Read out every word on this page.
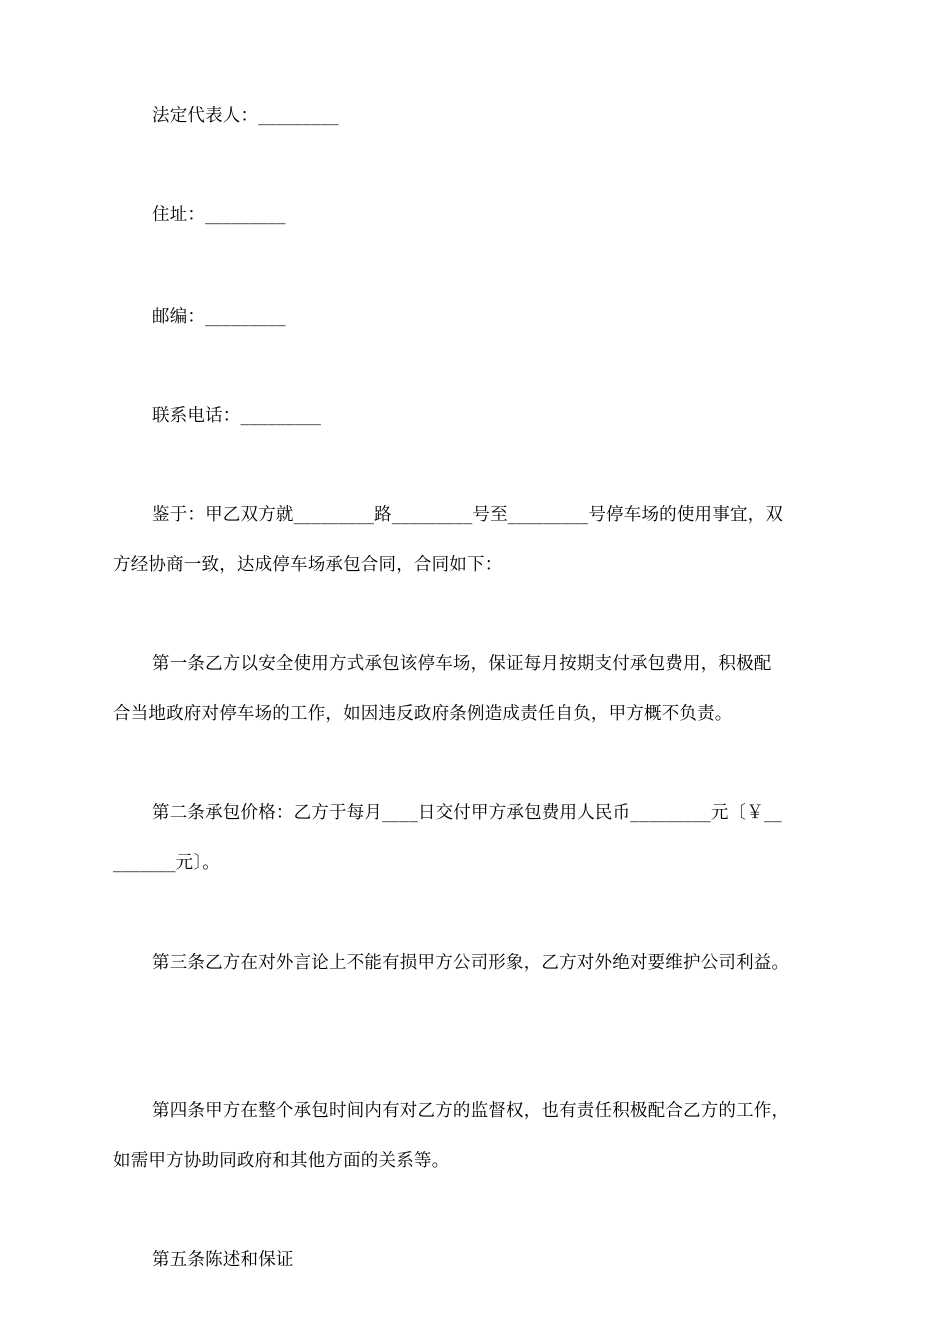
法定代表人：_________
住址：_________
邮编：_________
联系电话：_________
鉴于：甲乙双方就_________路_________号至_________号停车场的使用事宜，双
方经协商一致，达成停车场承包合同，合同如下：
第一条乙方以安全使用方式承包该停车场，保证每月按期支付承包费用，积极配
合当地政府对停车场的工作，如因违反政府条例造成责任自负，甲方概不负责。
第二条承包价格：乙方于每月____日交付甲方承包费用人民币_________元〔￥__
_______元〕。
第三条乙方在对外言论上不能有损甲方公司形象，乙方对外绝对要维护公司利益。
第四条甲方在整个承包时间内有对乙方的监督权，也有责任积极配合乙方的工作，
如需甲方协助同政府和其他方面的关系等。
第五条陈述和保证
